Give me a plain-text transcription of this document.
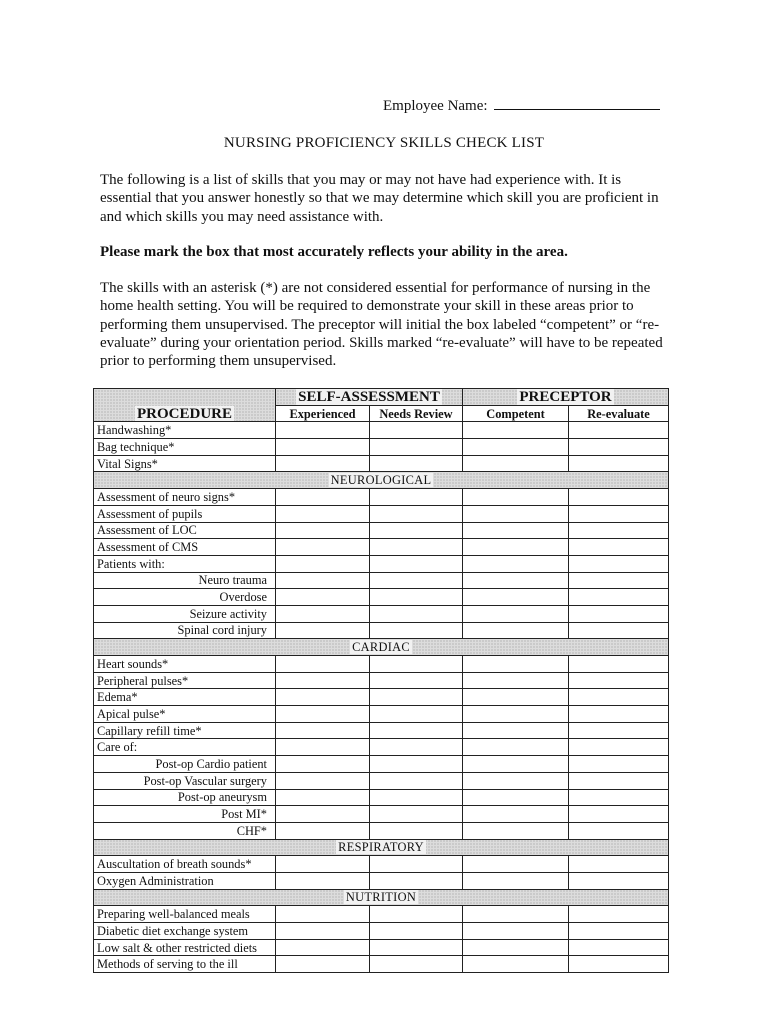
Employee Name:
NURSING PROFICIENCY SKILLS CHECK LIST

The following is a list of skills that you may or may not have had experience with. It is essential that you answer honestly so that we may determine which skill you are proficient in and which skills you may need assistance with.

Please mark the box that most accurately reflects your ability in the area.

The skills with an asterisk (*) are not considered essential for performance of nursing in the home health setting. You will be required to demonstrate your skill in these areas prior to performing them unsupervised. The preceptor will initial the box labeled “competent” or “re-evaluate” during your orientation period. Skills marked “re-evaluate” will have to be repeated prior to performing them unsupervised.

PROCEDURE	SELF-ASSESSMENT		PRECEPTOR	
	Experienced	Needs Review	Competent	Re-evaluate
Handwashing*				
Bag technique*				
Vital Signs*				
NEUROLOGICAL				
Assessment of neuro signs*				
Assessment of pupils				
Assessment of LOC				
Assessment of CMS				
Patients with:				
Neuro trauma				
Overdose				
Seizure activity				
Spinal cord injury				
CARDIAC				
Heart sounds*				
Peripheral pulses*				
Edema*				
Apical pulse*				
Capillary refill time*				
Care of:				
Post-op Cardio patient				
Post-op Vascular surgery				
Post-op aneurysm				
Post MI*				
CHF*				
RESPIRATORY				
Auscultation of breath sounds*				
Oxygen Administration				
NUTRITION				
Preparing well-balanced meals				
Diabetic diet exchange system				
Low salt & other restricted diets				
Methods of serving to the ill				
